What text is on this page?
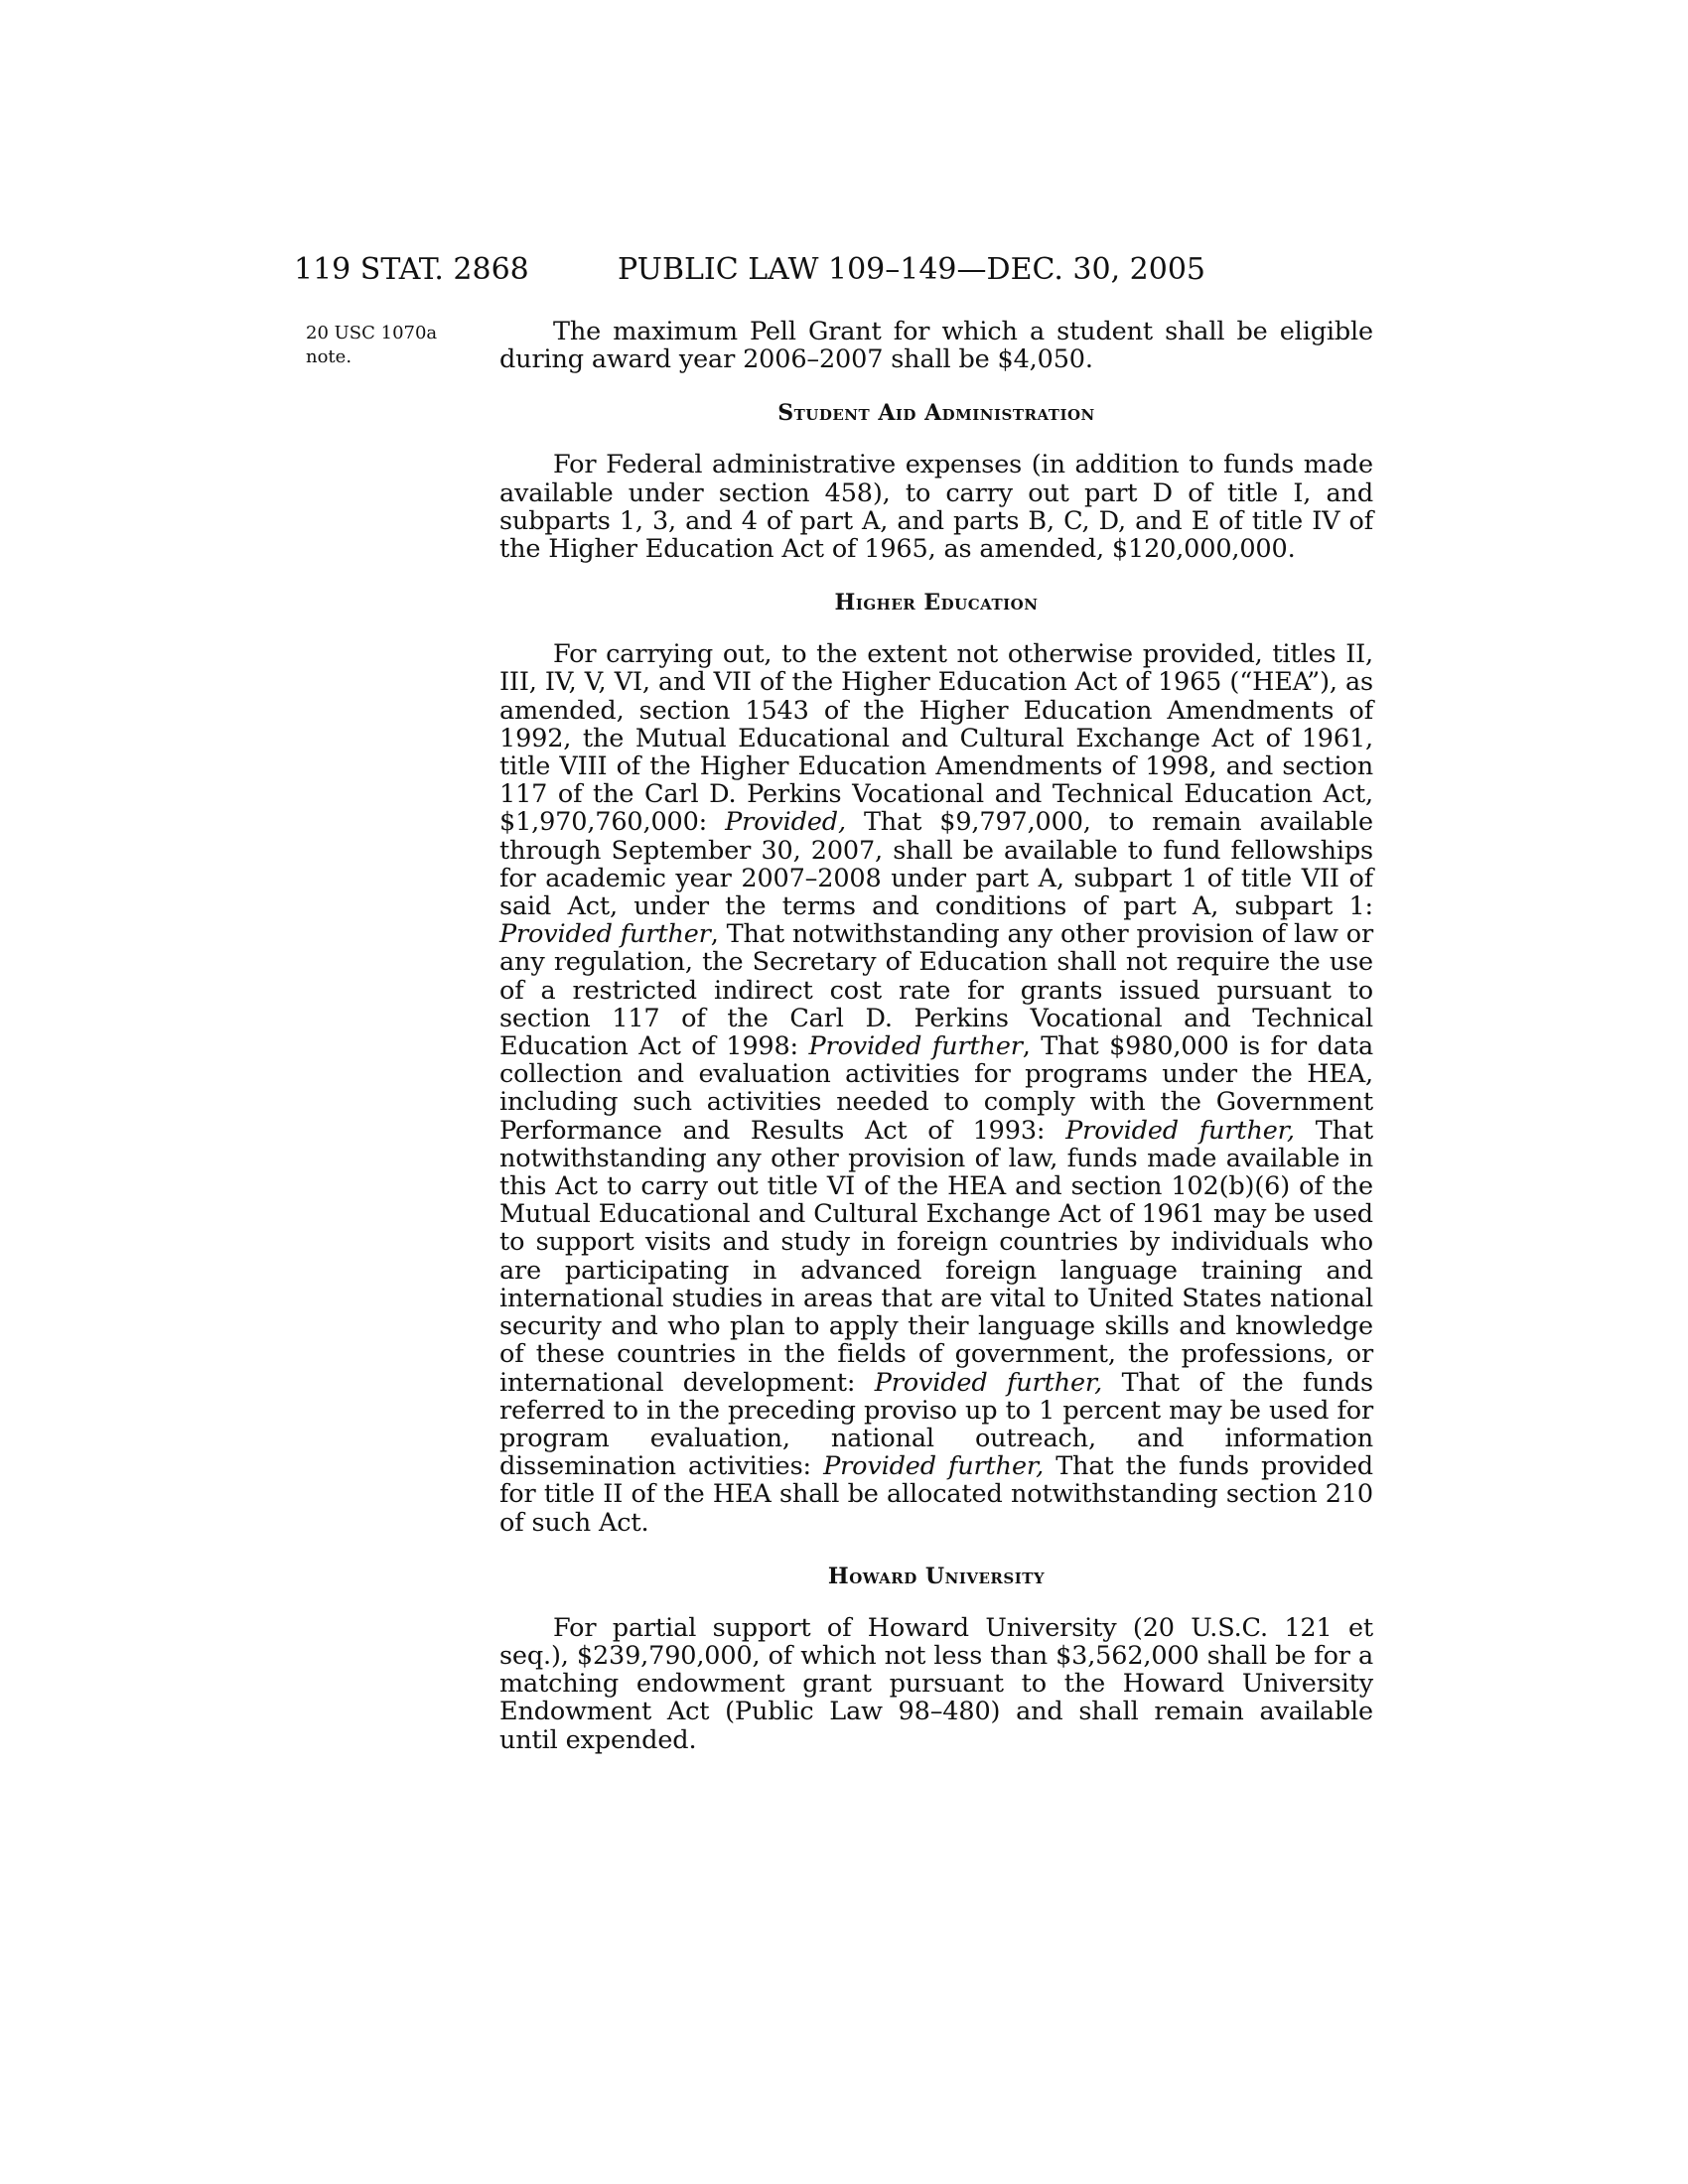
119 STAT. 2868	PUBLIC LAW 109–149—DEC. 30, 2005
20 USC 1070a
note.

The maximum Pell Grant for which a student shall be eligible during award year 2006–2007 shall be $4,050.

Student Aid Administration

For Federal administrative expenses (in addition to funds made available under section 458), to carry out part D of title I, and subparts 1, 3, and 4 of part A, and parts B, C, D, and E of title IV of the Higher Education Act of 1965, as amended, $120,000,000.

Higher Education

For carrying out, to the extent not otherwise provided, titles II, III, IV, V, VI, and VII of the Higher Education Act of 1965 (“HEA”), as amended, section 1543 of the Higher Education Amendments of 1992, the Mutual Educational and Cultural Exchange Act of 1961, title VIII of the Higher Education Amendments of 1998, and section 117 of the Carl D. Perkins Vocational and Technical Education Act, $1,970,760,000: Provided, That $9,797,000, to remain available through September 30, 2007, shall be available to fund fellowships for academic year 2007–2008 under part A, subpart 1 of title VII of said Act, under the terms and conditions of part A, subpart 1: Provided further, That notwithstanding any other provision of law or any regulation, the Secretary of Education shall not require the use of a restricted indirect cost rate for grants issued pursuant to section 117 of the Carl D. Perkins Vocational and Technical Education Act of 1998: Provided further, That $980,000 is for data collection and evaluation activities for programs under the HEA, including such activities needed to comply with the Government Performance and Results Act of 1993: Provided further, That notwithstanding any other provision of law, funds made available in this Act to carry out title VI of the HEA and section 102(b)(6) of the Mutual Educational and Cultural Exchange Act of 1961 may be used to support visits and study in foreign countries by individuals who are participating in advanced foreign language training and international studies in areas that are vital to United States national security and who plan to apply their language skills and knowledge of these countries in the fields of government, the professions, or international development: Provided further, That of the funds referred to in the preceding proviso up to 1 percent may be used for program evaluation, national outreach, and information dissemination activities: Provided further, That the funds provided for title II of the HEA shall be allocated notwithstanding section 210 of such Act.

Howard University

For partial support of Howard University (20 U.S.C. 121 et seq.), $239,790,000, of which not less than $3,562,000 shall be for a matching endowment grant pursuant to the Howard University Endowment Act (Public Law 98–480) and shall remain available until expended.
